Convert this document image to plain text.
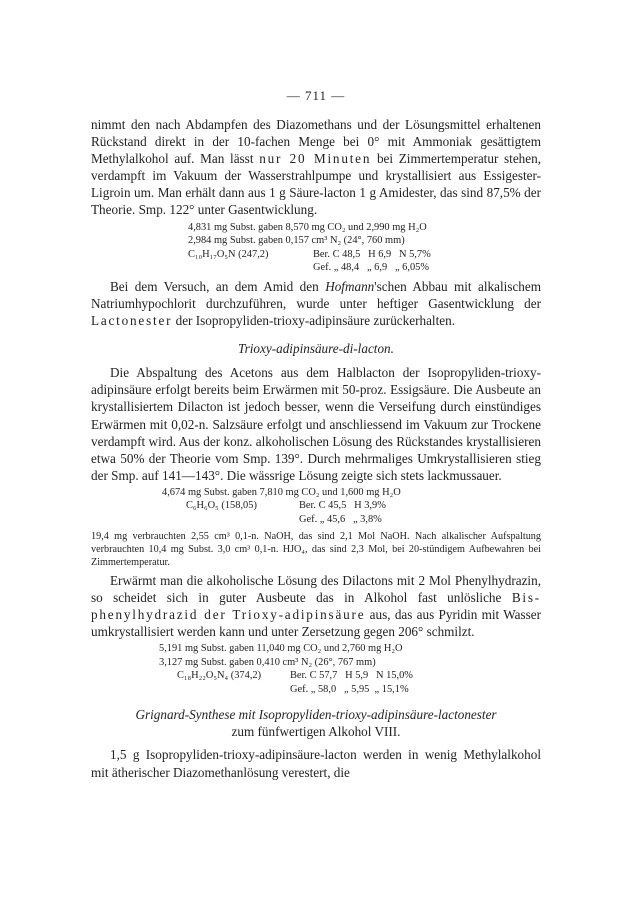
— 711 —

nimmt den nach Abdampfen des Diazomethans und der Lösungsmittel erhaltenen Rückstand direkt in der 10-fachen Menge bei 0° mit Ammoniak gesättigtem Methylalkohol auf. Man lässt nur 20 Minuten bei Zimmertemperatur stehen, verdampft im Vakuum der Wasserstrahlpumpe und krystallisiert aus Essigester-Ligroin um. Man erhält dann aus 1 g Säure-lacton 1 g Amidester, das sind 87,5% der Theorie. Smp. 122° unter Gasentwicklung.

4,831 mg Subst. gaben 8,570 mg CO₂ und 2,990 mg H₂O
2,984 mg Subst. gaben 0,157 cm³ N₂ (24°, 760 mm)
C₁₀H₁₇O₅N (247,2)	Ber. C 48,5   H 6,9   N 5,7%
Gef. „ 48,4   „ 6,9   „ 6,05%

Bei dem Versuch, an dem Amid den Hofmann'schen Abbau mit alkalischem Natriumhypochlorit durchzuführen, wurde unter heftiger Gasentwicklung der Lactonester der Isopropyliden-trioxy-adipinsäure zurückerhalten.

Trioxy-adipinsäure-di-lacton.

Die Abspaltung des Acetons aus dem Halblacton der Isopropyliden-trioxy-adipinsäure erfolgt bereits beim Erwärmen mit 50-proz. Essigsäure. Die Ausbeute an krystallisiertem Dilacton ist jedoch besser, wenn die Verseifung durch einstündiges Erwärmen mit 0,02-n. Salzsäure erfolgt und anschliessend im Vakuum zur Trockene verdampft wird. Aus der konz. alkoholischen Lösung des Rückstandes krystallisieren etwa 50% der Theorie vom Smp. 139°. Durch mehrmaliges Umkrystallisieren stieg der Smp. auf 141—143°. Die wässrige Lösung zeigte sich stets lackmussauer.

4,674 mg Subst. gaben 7,810 mg CO₂ und 1,600 mg H₂O
C₆H₆O₅ (158,05)	Ber. C 45,5   H 3,9%
Gef. „ 45,6   „ 3,8%
19,4 mg verbrauchten 2,55 cm³ 0,1-n. NaOH, das sind 2,1 Mol NaOH. Nach alkalischer Aufspaltung verbrauchten 10,4 mg Subst. 3,0 cm³ 0,1-n. HJO₄, das sind 2,3 Mol, bei 20-stündigem Aufbewahren bei Zimmertemperatur.

Erwärmt man die alkoholische Lösung des Dilactons mit 2 Mol Phenylhydrazin, so scheidet sich in guter Ausbeute das in Alkohol fast unlösliche Bis-phenylhydrazid der Trioxy-adipinsäure aus, das aus Pyridin mit Wasser umkrystallisiert werden kann und unter Zersetzung gegen 206° schmilzt.

5,191 mg Subst. gaben 11,040 mg CO₂ und 2,760 mg H₂O
3,127 mg Subst. gaben 0,410 cm³ N₂ (26°, 767 mm)
C₁₈H₂₂O₅N₄ (374,2)	Ber. C 57,7   H 5,9   N 15,0%
Gef. „ 58,0   „ 5,95  „ 15,1%
Grignard-Synthese mit Isopropyliden-trioxy-adipinsäure-lactonester
zum fünfwertigen Alkohol VIII.

1,5 g Isopropyliden-trioxy-adipinsäure-lacton werden in wenig Methylalkohol mit ätherischer Diazomethanlösung verestert, die
